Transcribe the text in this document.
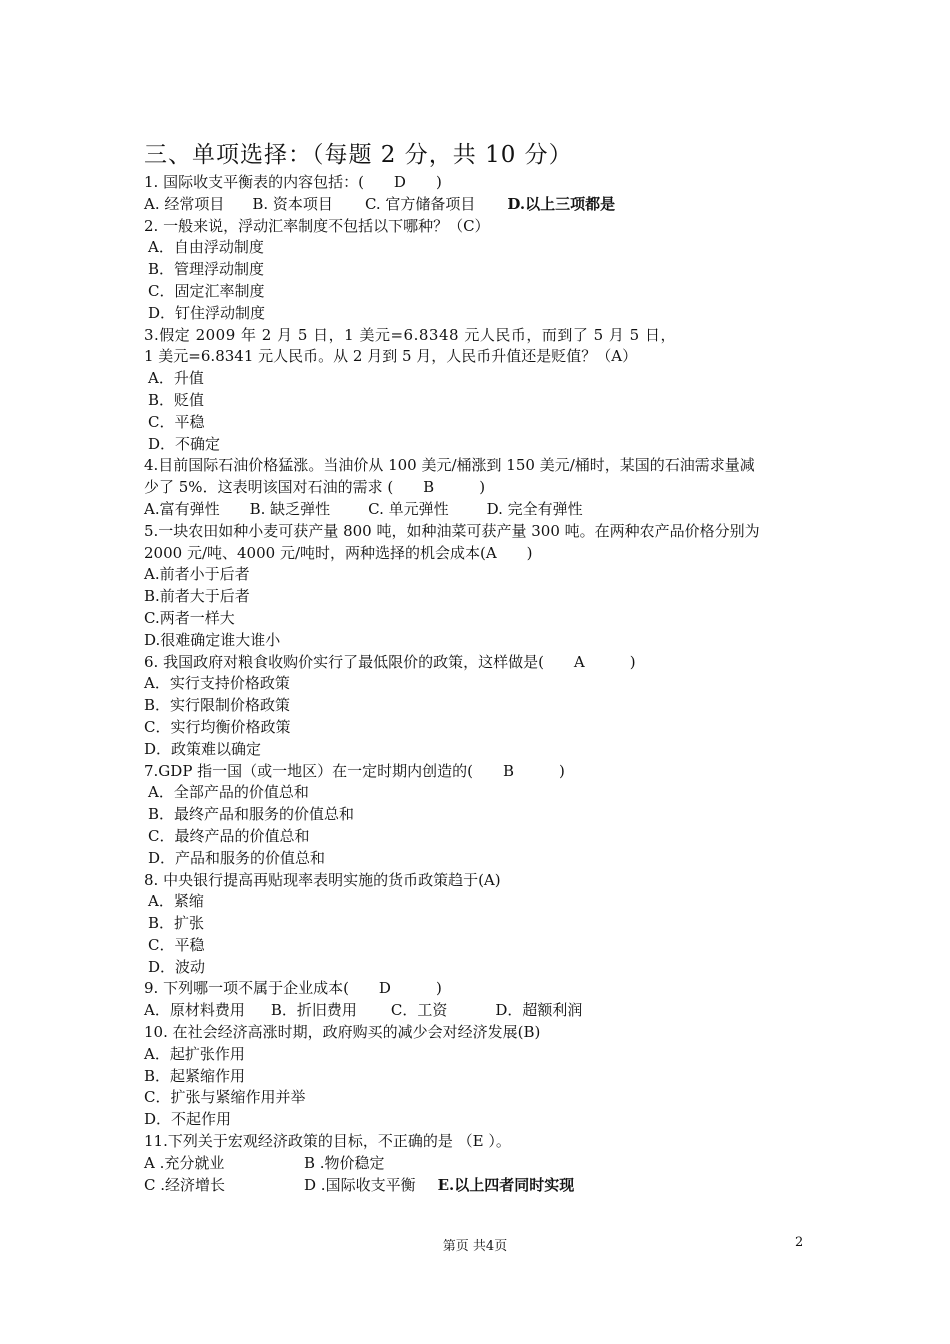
三、单项选择：（每题 2 分，共 10 分）
1. 国际收支平衡表的内容包括：(　　D　　)
A. 经常项目 B. 资本项目 C. 官方储备项目 D.以上三项都是
2. 一般来说，浮动汇率制度不包括以下哪种？（C）
A．自由浮动制度
B．管理浮动制度
C．固定汇率制度
D．钉住浮动制度
3.假定 2009 年 2 月 5 日，1 美元=6.8348 元人民币，而到了 5 月 5 日，
1 美元=6.8341 元人民币。从 2 月到 5 月，人民币升值还是贬值？（A）
A．升值
B．贬值
C．平稳
D．不确定
4.目前国际石油价格猛涨。当油价从 100 美元/桶涨到 150 美元/桶时，某国的石油需求量减
少了 5%．这表明该国对石油的需求 (　　B　　　)
A.富有弹性 B. 缺乏弹性	C. 单元弹性	D. 完全有弹性
5.一块农田如种小麦可获产量 800 吨，如种油菜可获产量 300 吨。在两种农产品价格分别为
2000 元/吨、4000 元/吨时，两种选择的机会成本(A　　)
A.前者小于后者
B.前者大于后者
C.两者一样大
D.很难确定谁大谁小
6. 我国政府对粮食收购价实行了最低限价的政策，这样做是(　　A　　　)
A．实行支持价格政策
B．实行限制价格政策
C．实行均衡价格政策
D．政策难以确定
7.GDP 指一国（或一地区）在一定时期内创造的(　　B　　　)
A．全部产品的价值总和
B．最终产品和服务的价值总和
C．最终产品的价值总和
D．产品和服务的价值总和
8. 中央银行提高再贴现率表明实施的货币政策趋于(A)
A．紧缩
B．扩张
C．平稳
D．波动
9. 下列哪一项不属于企业成本(　　D　　　)
A．原材料费用 B．折旧费用 C．工资	D．超额利润
10. 在社会经济高涨时期，政府购买的减少会对经济发展(B)
A．起扩张作用
B．起紧缩作用
C．扩张与紧缩作用并举
D．不起作用
11.下列关于宏观经济政策的目标，不正确的是 （E ）。
A .充分就业	B .物价稳定
C .经济增长	D .国际收支平衡 E.以上四者同时实现
第页 共4页	2
